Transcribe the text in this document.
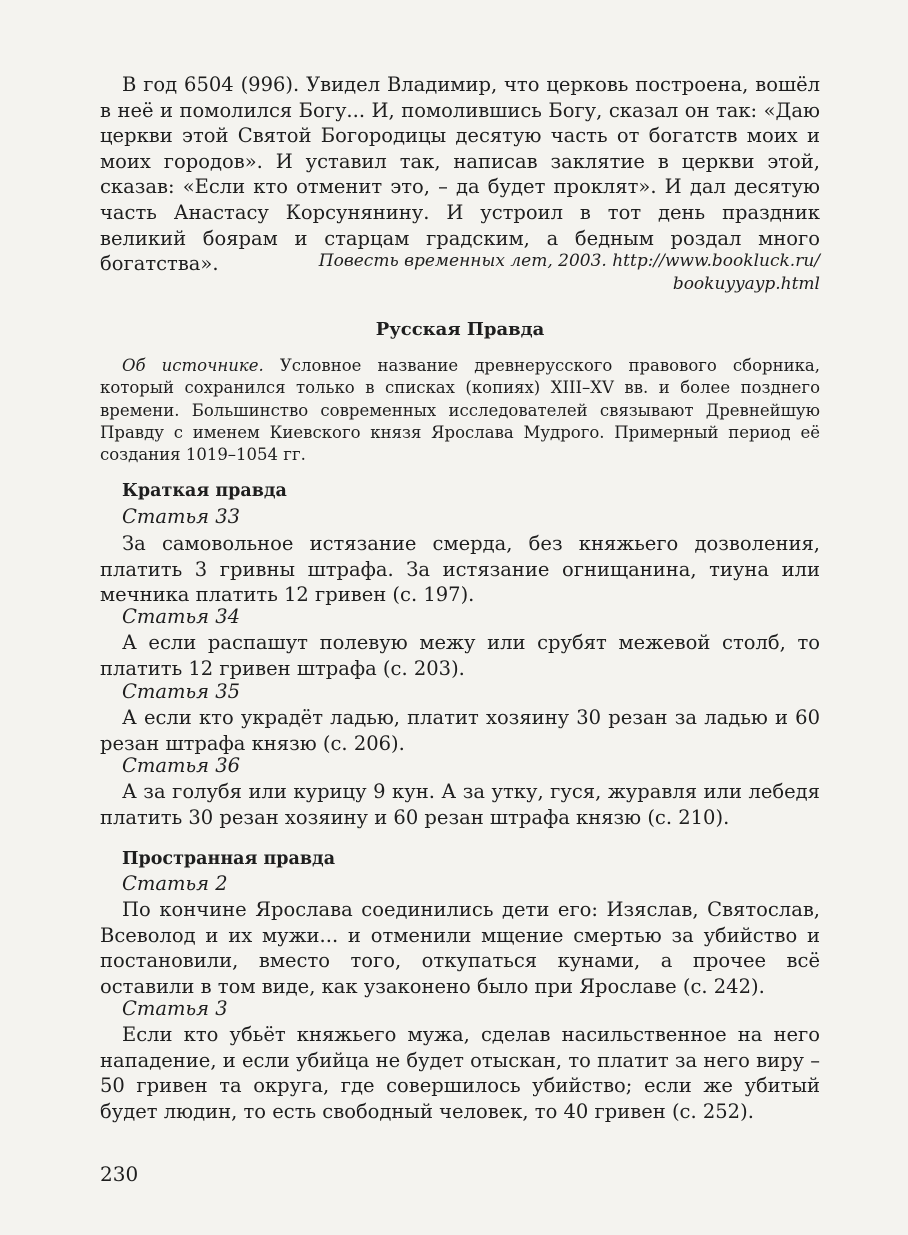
В год 6504 (996). Увидел Владимир, что церковь построена, вошёл в неё и помолился Богу... И, помолившись Богу, сказал он так: «Даю церкви этой Святой Богородицы десятую часть от богатств моих и моих городов». И уставил так, написав заклятие в церкви этой, сказав: «Если кто отменит это, – да будет проклят». И дал десятую часть Анастасу Корсунянину. И устроил в тот день праздник великий боярам и старцам градским, а бедным роздал много богатства».	Повесть временных лет, 2003. http://www.bookluck.ru/
bookuyyayp.html
Русская Правда

Об источнике. Условное название древнерусского правового сборника, который сохранился только в списках (копиях) XIII–XV вв. и более позднего времени. Большинство современных исследователей связывают Древнейшую Правду с именем Киевского князя Ярослава Мудрого. Примерный период её создания 1019–1054 гг.

Краткая правда
Статья 33

За самовольное истязание смерда, без княжьего дозволения, платить 3 гривны штрафа. За истязание огнищанина, тиуна или мечника платить 12 гривен (с. 197).

Статья 34

А если распашут полевую межу или срубят межевой столб, то платить 12 гривен штрафа (с. 203).

Статья 35

А если кто украдёт ладью, платит хозяину 30 резан за ладью и 60 резан штрафа князю (с. 206).

Статья 36

А за голубя или курицу 9 кун. А за утку, гуся, журавля или лебедя платить 30 резан хозяину и 60 резан штрафа князю (с. 210).

Пространная правда
Статья 2

По кончине Ярослава соединились дети его: Изяслав, Святослав, Всеволод и их мужи... и отменили мщение смертью за убийство и постановили, вместо того, откупаться кунами, а прочее всё оставили в том виде, как узаконено было при Ярославе (с. 242).

Статья 3

Если кто убьёт княжьего мужа, сделав насильственное на него нападение, и если убийца не будет отыскан, то платит за него виру – 50 гривен та округа, где совершилось убийство; если же убитый будет людин, то есть свободный человек, то 40 гривен (с. 252).

230
